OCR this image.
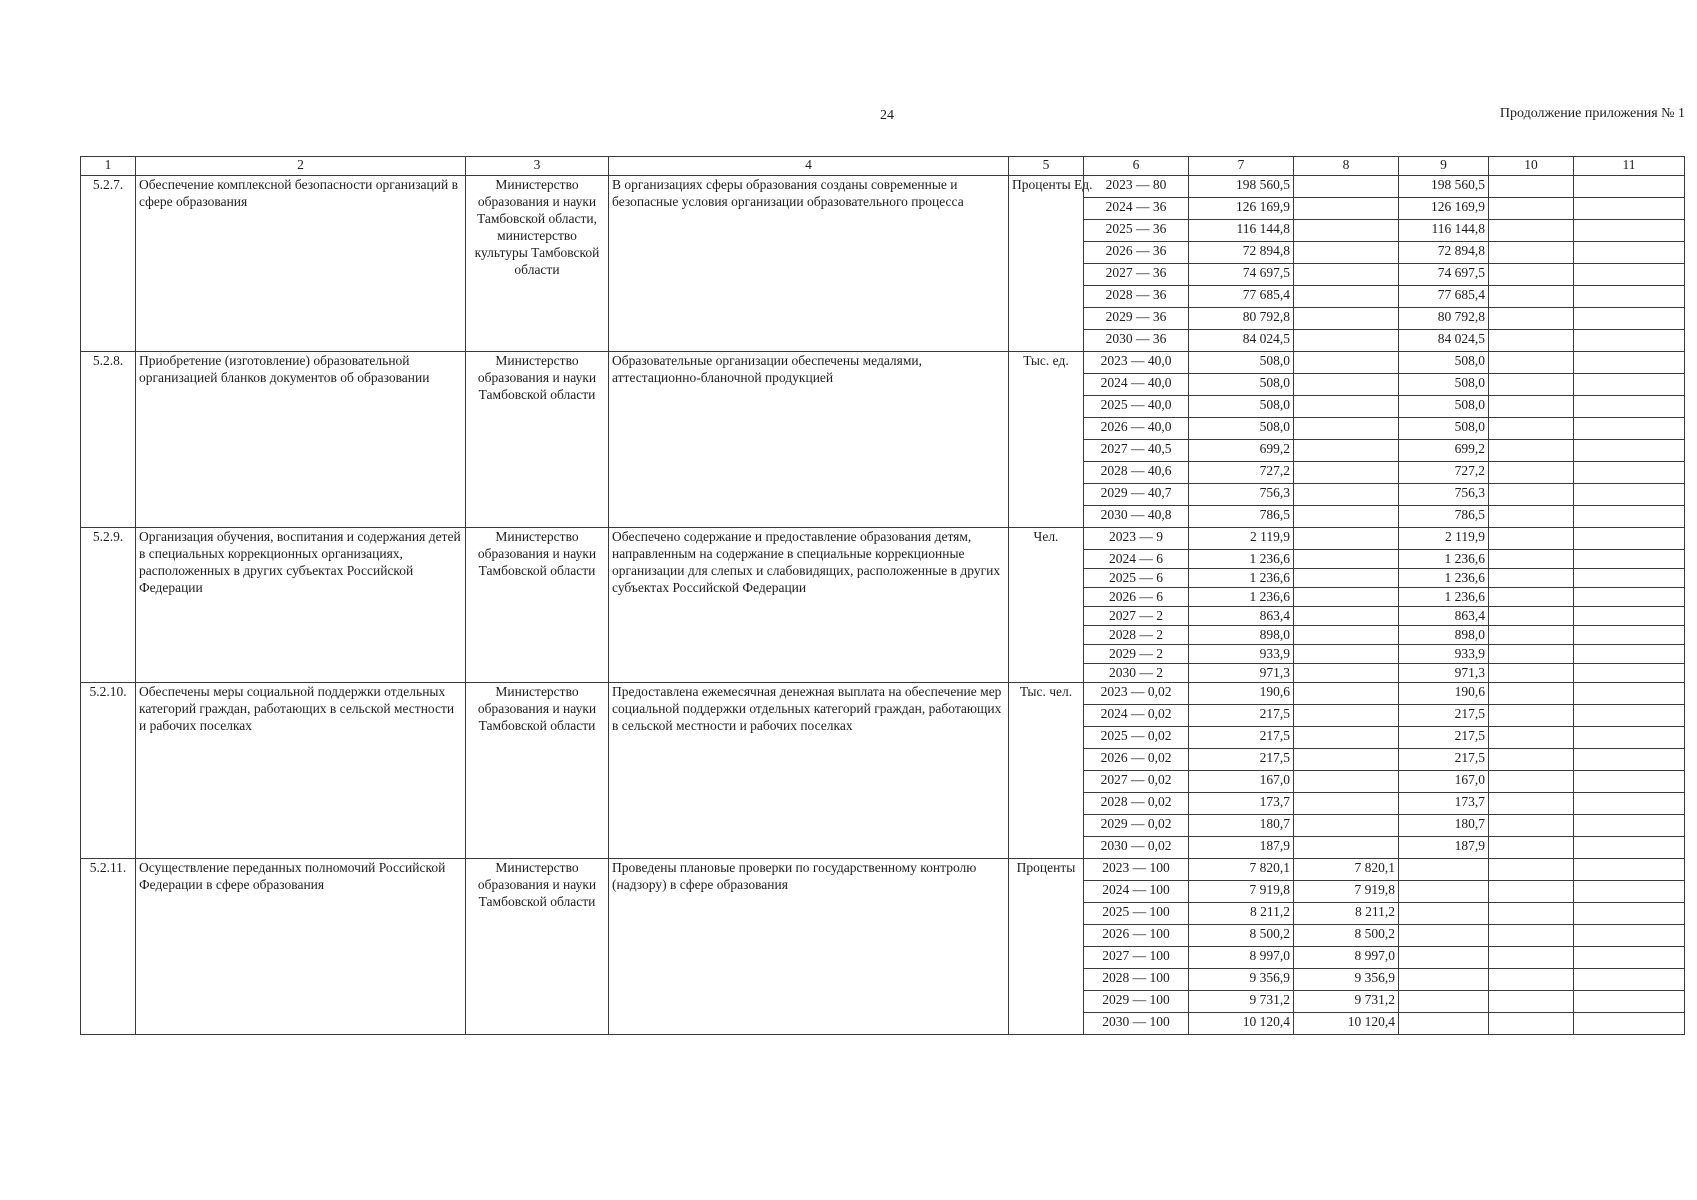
24	Продолжение приложения № 1
1	2	3	4	5	6	7	8	9	10	11
5.2.7.	Обеспечение комплексной безопасности организаций в сфере образования	Министерство образования и науки Тамбовской области, министерство культуры Тамбовской области	В организациях сферы образования созданы современные и безопасные условия организации образовательного процесса	Проценты Ед.	2023 — 80	198 560,5		198 560,5		
					2024 — 36	126 169,9		126 169,9		
					2025 — 36	116 144,8		116 144,8		
					2026 — 36	72 894,8		72 894,8		
					2027 — 36	74 697,5		74 697,5		
					2028 — 36	77 685,4		77 685,4		
					2029 — 36	80 792,8		80 792,8		
					2030 — 36	84 024,5		84 024,5		
5.2.8.	Приобретение (изготовление) образовательной организацией бланков документов об образовании	Министерство образования и науки Тамбовской области	Образовательные организации обеспечены медалями, аттестационно-бланочной продукцией	Тыс. ед.	2023 — 40,0	508,0		508,0		
					2024 — 40,0	508,0		508,0		
					2025 — 40,0	508,0		508,0		
					2026 — 40,0	508,0		508,0		
					2027 — 40,5	699,2		699,2		
					2028 — 40,6	727,2		727,2		
					2029 — 40,7	756,3		756,3		
					2030 — 40,8	786,5		786,5		
5.2.9.	Организация обучения, воспитания и содержания детей в специальных коррекционных организациях, расположенных в других субъектах Российской Федерации	Министерство образования и науки Тамбовской области	Обеспечено содержание и предоставление образования детям, направленным на содержание в специальные коррекционные организации для слепых и слабовидящих, расположенные в других субъектах Российской Федерации	Чел.	2023 — 9	2 119,9		2 119,9		
					2024 — 6	1 236,6		1 236,6		
					2025 — 6	1 236,6		1 236,6		
					2026 — 6	1 236,6		1 236,6		
					2027 — 2	863,4		863,4		
					2028 — 2	898,0		898,0		
					2029 — 2	933,9		933,9		
					2030 — 2	971,3		971,3		
5.2.10.	Обеспечены меры социальной поддержки отдельных категорий граждан, работающих в сельской местности и рабочих поселках	Министерство образования и науки Тамбовской области	Предоставлена ежемесячная денежная выплата на обеспечение мер социальной поддержки отдельных категорий граждан, работающих в сельской местности и рабочих поселках	Тыс. чел.	2023 — 0,02	190,6		190,6		
					2024 — 0,02	217,5		217,5		
					2025 — 0,02	217,5		217,5		
					2026 — 0,02	217,5		217,5		
					2027 — 0,02	167,0		167,0		
					2028 — 0,02	173,7		173,7		
					2029 — 0,02	180,7		180,7		
					2030 — 0,02	187,9		187,9		
5.2.11.	Осуществление переданных полномочий Российской Федерации в сфере образования	Министерство образования и науки Тамбовской области	Проведены плановые проверки по государственному контролю (надзору) в сфере образования	Проценты	2023 — 100	7 820,1	7 820,1			
					2024 — 100	7 919,8	7 919,8			
					2025 — 100	8 211,2	8 211,2			
					2026 — 100	8 500,2	8 500,2			
					2027 — 100	8 997,0	8 997,0			
					2028 — 100	9 356,9	9 356,9			
					2029 — 100	9 731,2	9 731,2			
					2030 — 100	10 120,4	10 120,4			
